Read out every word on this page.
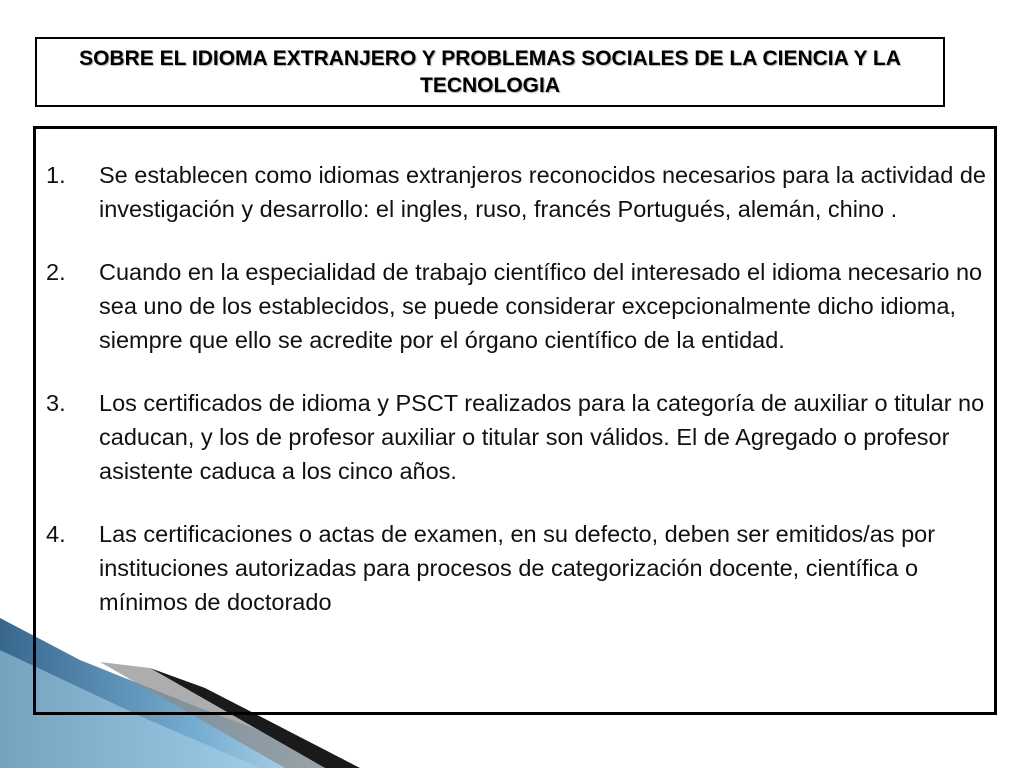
SOBRE EL IDIOMA EXTRANJERO Y PROBLEMAS SOCIALES DE LA CIENCIA Y LA TECNOLOGIA
1. Se establecen como idiomas extranjeros reconocidos necesarios para la actividad de investigación y desarrollo: el ingles, ruso, francés Portugués, alemán, chino .
2. Cuando en la especialidad de trabajo científico del interesado el idioma necesario no sea uno de los establecidos, se puede considerar excepcionalmente dicho idioma, siempre que ello se acredite por el órgano científico de la entidad.
3. Los certificados de idioma y PSCT realizados para la categoría de auxiliar o titular no caducan, y los de profesor auxiliar o titular son válidos. El de Agregado o profesor asistente caduca a los cinco años.
4. Las certificaciones o actas de examen, en su defecto, deben ser emitidos/as por instituciones autorizadas para procesos de categorización docente, científica o mínimos de doctorado
